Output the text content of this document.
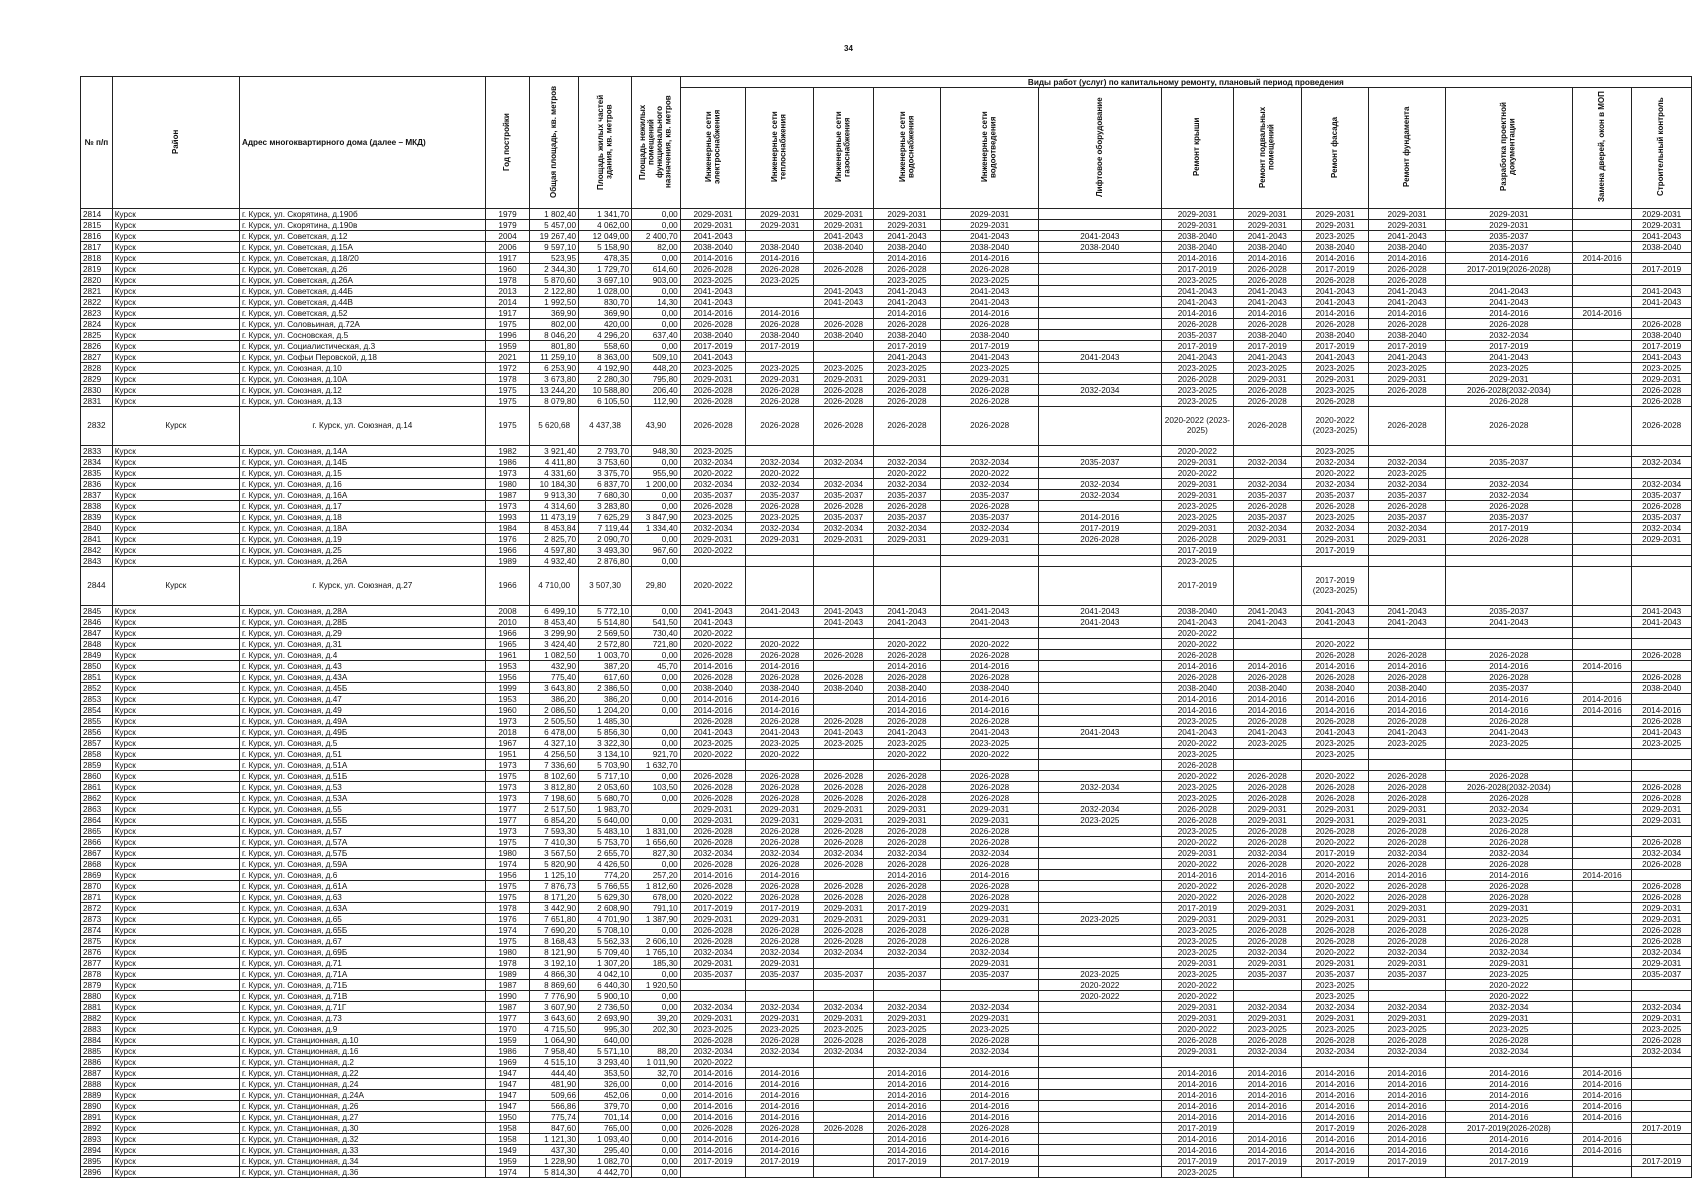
34
№ п/п	Район	Адрес многоквартирного дома (далее – МКД)	Год постройки	Общая площадь, кв. метров	Площадь жилых частей здания, кв. метров	Площадь нежилых помещений функционального назначения, кв. метров	Виды работ (услуг) по капитальному ремонту, плановый период проведения												
							Инженерные сети электроснабжения	Инженерные сети теплоснабжения	Инженерные сети газоснабжения	Инженерные сети водоснабжения	Инженерные сети водоотведения	Лифтовое оборудование	Ремонт крыши	Ремонт подвальных помещений	Ремонт фасада	Ремонт фундамента	Разработка проектной документации	Замена дверей, окон в МОП	Строительный контроль
2814	Курск	г. Курск, ул. Скорятина, д.190б	1979	1 802,40	1 341,70	0,00	2029-2031	2029-2031	2029-2031	2029-2031	2029-2031		2029-2031	2029-2031	2029-2031	2029-2031	2029-2031		2029-2031
2815	Курск	г. Курск, ул. Скорятина, д.190в	1979	5 457,00	4 062,00	0,00	2029-2031	2029-2031	2029-2031	2029-2031	2029-2031		2029-2031	2029-2031	2029-2031	2029-2031	2029-2031		2029-2031
2816	Курск	г. Курск, ул. Советская, д.12	2004	19 267,40	12 049,00	2 400,70	2041-2043		2041-2043	2041-2043	2041-2043	2041-2043	2038-2040	2041-2043	2023-2025	2041-2043	2035-2037		2041-2043
2817	Курск	г. Курск, ул. Советская, д.15А	2006	9 597,10	5 158,90	82,00	2038-2040	2038-2040	2038-2040	2038-2040	2038-2040	2038-2040	2038-2040	2038-2040	2038-2040	2038-2040	2035-2037		2038-2040
2818	Курск	г. Курск, ул. Советская, д.18/20	1917	523,95	478,35	0,00	2014-2016	2014-2016		2014-2016	2014-2016		2014-2016	2014-2016	2014-2016	2014-2016	2014-2016	2014-2016	
2819	Курск	г. Курск, ул. Советская, д.26	1960	2 344,30	1 729,70	614,60	2026-2028	2026-2028	2026-2028	2026-2028	2026-2028		2017-2019	2026-2028	2017-2019	2026-2028	2017-2019(2026-2028)		2017-2019
2820	Курск	г. Курск, ул. Советская, д.26А	1978	5 870,60	3 697,10	903,00	2023-2025	2023-2025		2023-2025	2023-2025		2023-2025	2026-2028	2026-2028	2026-2028			
2821	Курск	г. Курск, ул. Советская, д.44Б	2013	2 122,80	1 028,00	0,00	2041-2043		2041-2043	2041-2043	2041-2043		2041-2043	2041-2043	2041-2043	2041-2043	2041-2043		2041-2043
2822	Курск	г. Курск, ул. Советская, д.44В	2014	1 992,50	830,70	14,30	2041-2043		2041-2043	2041-2043	2041-2043		2041-2043	2041-2043	2041-2043	2041-2043	2041-2043		2041-2043
2823	Курск	г. Курск, ул. Советская, д.52	1917	369,90	369,90	0,00	2014-2016	2014-2016		2014-2016	2014-2016		2014-2016	2014-2016	2014-2016	2014-2016	2014-2016	2014-2016	
2824	Курск	г. Курск, ул. Соловьиная, д.72А	1975	802,00	420,00	0,00	2026-2028	2026-2028	2026-2028	2026-2028	2026-2028		2026-2028	2026-2028	2026-2028	2026-2028	2026-2028		2026-2028
2825	Курск	г. Курск, ул. Сосновская, д.5	1996	8 046,20	4 296,20	637,40	2038-2040	2038-2040	2038-2040	2038-2040	2038-2040		2035-2037	2038-2040	2038-2040	2038-2040	2032-2034		2038-2040
2826	Курск	г. Курск, ул. Социалистическая, д.3	1959	801,80	558,60	0,00	2017-2019	2017-2019		2017-2019	2017-2019		2017-2019	2017-2019	2017-2019	2017-2019	2017-2019		2017-2019
2827	Курск	г. Курск, ул. Софьи Перовской, д.18	2021	11 259,10	8 363,00	509,10	2041-2043			2041-2043	2041-2043	2041-2043	2041-2043	2041-2043	2041-2043	2041-2043	2041-2043		2041-2043
2828	Курск	г. Курск, ул. Союзная, д.10	1972	6 253,90	4 192,90	448,20	2023-2025	2023-2025	2023-2025	2023-2025	2023-2025		2023-2025	2023-2025	2023-2025	2023-2025	2023-2025		2023-2025
2829	Курск	г. Курск, ул. Союзная, д.10А	1978	3 673,80	2 280,30	795,80	2029-2031	2029-2031	2029-2031	2029-2031	2029-2031		2026-2028	2029-2031	2029-2031	2029-2031	2029-2031		2029-2031
2830	Курск	г. Курск, ул. Союзная, д.12	1975	13 244,20	10 588,80	206,40	2026-2028	2026-2028	2026-2028	2026-2028	2026-2028	2032-2034	2023-2025	2026-2028	2023-2025	2026-2028	2026-2028(2032-2034)		2026-2028
2831	Курск	г. Курск, ул. Союзная, д.13	1975	8 079,80	6 105,50	112,90	2026-2028	2026-2028	2026-2028	2026-2028	2026-2028		2023-2025	2026-2028	2026-2028		2026-2028		2026-2028
2832	Курск	г. Курск, ул. Союзная, д.14	1975	5 620,68	4 437,38	43,90	2026-2028	2026-2028	2026-2028	2026-2028	2026-2028		2020-2022 (2023-2025)	2026-2028	2020-2022 (2023-2025)	2026-2028	2026-2028		2026-2028
2833	Курск	г. Курск, ул. Союзная, д.14А	1982	3 921,40	2 793,70	948,30	2023-2025						2020-2022		2023-2025				
2834	Курск	г. Курск, ул. Союзная, д.14Б	1986	4 411,80	3 753,60	0,00	2032-2034	2032-2034	2032-2034	2032-2034	2032-2034	2035-2037	2029-2031	2032-2034	2032-2034	2032-2034	2035-2037		2032-2034
2835	Курск	г. Курск, ул. Союзная, д.15	1973	4 331,60	3 375,70	955,90	2020-2022	2020-2022		2020-2022	2020-2022		2020-2022		2020-2022	2023-2025			
2836	Курск	г. Курск, ул. Союзная, д.16	1980	10 184,30	6 837,70	1 200,00	2032-2034	2032-2034	2032-2034	2032-2034	2032-2034	2032-2034	2029-2031	2032-2034	2032-2034	2032-2034	2032-2034		2032-2034
2837	Курск	г. Курск, ул. Союзная, д.16А	1987	9 913,30	7 680,30	0,00	2035-2037	2035-2037	2035-2037	2035-2037	2035-2037	2032-2034	2029-2031	2035-2037	2035-2037	2035-2037	2032-2034		2035-2037
2838	Курск	г. Курск, ул. Союзная, д.17	1973	4 314,60	3 283,80	0,00	2026-2028	2026-2028	2026-2028	2026-2028	2026-2028		2023-2025	2026-2028	2026-2028	2026-2028	2026-2028		2026-2028
2839	Курск	г. Курск, ул. Союзная, д.18	1993	11 473,19	7 625,29	3 847,90	2023-2025	2023-2025	2035-2037	2035-2037	2035-2037	2014-2016	2023-2025	2035-2037	2023-2025	2035-2037	2035-2037		2035-2037
2840	Курск	г. Курск, ул. Союзная, д.18А	1984	8 453,84	7 119,44	1 334,40	2032-2034	2032-2034	2032-2034	2032-2034	2032-2034	2017-2019	2029-2031	2032-2034	2032-2034	2032-2034	2017-2019		2032-2034
2841	Курск	г. Курск, ул. Союзная, д.19	1976	2 825,70	2 090,70	0,00	2029-2031	2029-2031	2029-2031	2029-2031	2029-2031	2026-2028	2026-2028	2029-2031	2029-2031	2029-2031	2026-2028		2029-2031
2842	Курск	г. Курск, ул. Союзная, д.25	1966	4 597,80	3 493,30	967,60	2020-2022						2017-2019		2017-2019				
2843	Курск	г. Курск, ул. Союзная, д.26А	1989	4 932,40	2 876,80	0,00							2023-2025						
2844	Курск	г. Курск, ул. Союзная, д.27	1966	4 710,00	3 507,30	29,80	2020-2022						2017-2019		2017-2019 (2023-2025)				
2845	Курск	г. Курск, ул. Союзная, д.28А	2008	6 499,10	5 772,10	0,00	2041-2043	2041-2043	2041-2043	2041-2043	2041-2043	2041-2043	2038-2040	2041-2043	2041-2043	2041-2043	2035-2037		2041-2043
2846	Курск	г. Курск, ул. Союзная, д.28Б	2010	8 453,40	5 514,80	541,50	2041-2043		2041-2043	2041-2043	2041-2043	2041-2043	2041-2043	2041-2043	2041-2043	2041-2043	2041-2043		2041-2043
2847	Курск	г. Курск, ул. Союзная, д.29	1966	3 299,90	2 569,50	730,40	2020-2022						2020-2022						
2848	Курск	г. Курск, ул. Союзная, д.31	1965	3 424,40	2 572,80	721,80	2020-2022	2020-2022		2020-2022	2020-2022		2020-2022		2020-2022				
2849	Курск	г. Курск, ул. Союзная, д.4	1961	1 082,50	1 003,70	0,00	2026-2028	2026-2028	2026-2028	2026-2028	2026-2028		2026-2028		2026-2028	2026-2028	2026-2028		2026-2028
2850	Курск	г. Курск, ул. Союзная, д.43	1953	432,90	387,20	45,70	2014-2016	2014-2016		2014-2016	2014-2016		2014-2016	2014-2016	2014-2016	2014-2016	2014-2016	2014-2016	
2851	Курск	г. Курск, ул. Союзная, д.43А	1956	775,40	617,60	0,00	2026-2028	2026-2028	2026-2028	2026-2028	2026-2028		2026-2028	2026-2028	2026-2028	2026-2028	2026-2028		2026-2028
2852	Курск	г. Курск, ул. Союзная, д.45Б	1999	3 643,80	2 386,50	0,00	2038-2040	2038-2040	2038-2040	2038-2040	2038-2040		2038-2040	2038-2040	2038-2040	2038-2040	2035-2037		2038-2040
2853	Курск	г. Курск, ул. Союзная, д.47	1953	386,20	386,20	0,00	2014-2016	2014-2016		2014-2016	2014-2016		2014-2016	2014-2016	2014-2016	2014-2016	2014-2016	2014-2016	
2854	Курск	г. Курск, ул. Союзная, д.49	1960	2 086,50	1 204,20	0,00	2014-2016	2014-2016		2014-2016	2014-2016		2014-2016	2014-2016	2014-2016	2014-2016	2014-2016	2014-2016	2014-2016
2855	Курск	г. Курск, ул. Союзная, д.49А	1973	2 505,50	1 485,30		2026-2028	2026-2028	2026-2028	2026-2028	2026-2028		2023-2025	2026-2028	2026-2028	2026-2028	2026-2028		2026-2028
2856	Курск	г. Курск, ул. Союзная, д.49Б	2018	6 478,00	5 856,30	0,00	2041-2043	2041-2043	2041-2043	2041-2043	2041-2043	2041-2043	2041-2043	2041-2043	2041-2043	2041-2043	2041-2043		2041-2043
2857	Курск	г. Курск, ул. Союзная, д.5	1967	4 327,10	3 322,30	0,00	2023-2025	2023-2025	2023-2025	2023-2025	2023-2025		2020-2022	2023-2025	2023-2025	2023-2025	2023-2025		2023-2025
2858	Курск	г. Курск, ул. Союзная, д.51	1951	4 256,50	3 134,10	921,70	2020-2022	2020-2022		2020-2022	2020-2022		2023-2025		2023-2025				
2859	Курск	г. Курск, ул. Союзная, д.51А	1973	7 336,60	5 703,90	1 632,70							2026-2028						
2860	Курск	г. Курск, ул. Союзная, д.51Б	1975	8 102,60	5 717,10	0,00	2026-2028	2026-2028	2026-2028	2026-2028	2026-2028		2020-2022	2026-2028	2020-2022	2026-2028	2026-2028		
2861	Курск	г. Курск, ул. Союзная, д.53	1973	3 812,80	2 053,60	103,50	2026-2028	2026-2028	2026-2028	2026-2028	2026-2028	2032-2034	2023-2025	2026-2028	2026-2028	2026-2028	2026-2028(2032-2034)		2026-2028
2862	Курск	г. Курск, ул. Союзная, д.53А	1973	7 198,60	5 680,70	0,00	2026-2028	2026-2028	2026-2028	2026-2028	2026-2028		2023-2025	2026-2028	2026-2028	2026-2028	2026-2028		2026-2028
2863	Курск	г. Курск, ул. Союзная, д.55	1977	2 517,50	1 983,70		2029-2031	2029-2031	2029-2031	2029-2031	2029-2031	2032-2034	2026-2028	2029-2031	2029-2031	2029-2031	2032-2034		2029-2031
2864	Курск	г. Курск, ул. Союзная, д.55Б	1977	6 854,20	5 640,00	0,00	2029-2031	2029-2031	2029-2031	2029-2031	2029-2031	2023-2025	2026-2028	2029-2031	2029-2031	2029-2031	2023-2025		2029-2031
2865	Курск	г. Курск, ул. Союзная, д.57	1973	7 593,30	5 483,10	1 831,00	2026-2028	2026-2028	2026-2028	2026-2028	2026-2028		2023-2025	2026-2028	2026-2028	2026-2028	2026-2028		
2866	Курск	г. Курск, ул. Союзная, д.57А	1975	7 410,30	5 753,70	1 656,60	2026-2028	2026-2028	2026-2028	2026-2028	2026-2028		2020-2022	2026-2028	2020-2022	2026-2028	2026-2028		2026-2028
2867	Курск	г. Курск, ул. Союзная, д.57Б	1980	3 567,50	2 655,70	827,30	2032-2034	2032-2034	2032-2034	2032-2034	2032-2034		2029-2031	2032-2034	2017-2019	2032-2034	2032-2034		2032-2034
2868	Курск	г. Курск, ул. Союзная, д.59А	1974	5 820,90	4 426,50	0,00	2026-2028	2026-2028	2026-2028	2026-2028	2026-2028		2020-2022	2026-2028	2020-2022	2026-2028	2026-2028		2026-2028
2869	Курск	г. Курск, ул. Союзная, д.6	1956	1 125,10	774,20	257,20	2014-2016	2014-2016		2014-2016	2014-2016		2014-2016	2014-2016	2014-2016	2014-2016	2014-2016	2014-2016	
2870	Курск	г. Курск, ул. Союзная, д.61А	1975	7 876,73	5 766,55	1 812,60	2026-2028	2026-2028	2026-2028	2026-2028	2026-2028		2020-2022	2026-2028	2020-2022	2026-2028	2026-2028		2026-2028
2871	Курск	г. Курск, ул. Союзная, д.63	1975	8 171,20	5 629,30	678,00	2020-2022	2026-2028	2026-2028	2026-2028	2026-2028		2020-2022	2026-2028	2020-2022	2026-2028	2026-2028		2026-2028
2872	Курск	г. Курск, ул. Союзная, д.63А	1978	3 442,90	2 608,90	791,10	2017-2019	2017-2019	2029-2031	2017-2019	2029-2031		2017-2019	2029-2031	2029-2031	2029-2031	2029-2031		2029-2031
2873	Курск	г. Курск, ул. Союзная, д.65	1976	7 651,80	4 701,90	1 387,90	2029-2031	2029-2031	2029-2031	2029-2031	2029-2031	2023-2025	2029-2031	2029-2031	2029-2031	2029-2031	2023-2025		2029-2031
2874	Курск	г. Курск, ул. Союзная, д.65Б	1974	7 690,20	5 708,10	0,00	2026-2028	2026-2028	2026-2028	2026-2028	2026-2028		2023-2025	2026-2028	2026-2028	2026-2028	2026-2028		2026-2028
2875	Курск	г. Курск, ул. Союзная, д.67	1975	8 168,43	5 562,33	2 606,10	2026-2028	2026-2028	2026-2028	2026-2028	2026-2028		2023-2025	2026-2028	2026-2028	2026-2028	2026-2028		2026-2028
2876	Курск	г. Курск, ул. Союзная, д.69Б	1980	8 121,90	5 709,40	1 765,10	2032-2034	2032-2034	2032-2034	2032-2034	2032-2034		2023-2025	2032-2034	2020-2022	2032-2034	2032-2034		2032-2034
2877	Курск	г. Курск, ул. Союзная, д.71	1978	3 192,10	1 307,20	185,30	2029-2031	2029-2031			2029-2031		2029-2031	2029-2031	2029-2031	2029-2031	2029-2031		2029-2031
2878	Курск	г. Курск, ул. Союзная, д.71А	1989	4 866,30	4 042,10	0,00	2035-2037	2035-2037	2035-2037	2035-2037	2035-2037	2023-2025	2023-2025	2035-2037	2035-2037	2035-2037	2023-2025		2035-2037
2879	Курск	г. Курск, ул. Союзная, д.71Б	1987	8 869,60	6 440,30	1 920,50						2020-2022	2020-2022		2023-2025		2020-2022		
2880	Курск	г. Курск, ул. Союзная, д.71В	1990	7 776,90	5 900,10	0,00						2020-2022	2020-2022		2023-2025		2020-2022		
2881	Курск	г. Курск, ул. Союзная, д.71Г	1987	3 607,90	2 736,50	0,00	2032-2034	2032-2034	2032-2034	2032-2034	2032-2034		2029-2031	2032-2034	2032-2034	2032-2034	2032-2034		2032-2034
2882	Курск	г. Курск, ул. Союзная, д.73	1977	3 643,60	2 693,90	39,20	2029-2031	2029-2031	2029-2031	2029-2031	2029-2031		2029-2031	2029-2031	2029-2031	2029-2031	2029-2031		2029-2031
2883	Курск	г. Курск, ул. Союзная, д.9	1970	4 715,50	995,30	202,30	2023-2025	2023-2025	2023-2025	2023-2025	2023-2025		2020-2022	2023-2025	2023-2025	2023-2025	2023-2025		2023-2025
2884	Курск	г. Курск, ул. Станционная, д.10	1959	1 064,90	640,00		2026-2028	2026-2028	2026-2028	2026-2028	2026-2028		2026-2028	2026-2028	2026-2028	2026-2028	2026-2028		2026-2028
2885	Курск	г. Курск, ул. Станционная, д.16	1986	7 958,40	5 571,10	88,20	2032-2034	2032-2034	2032-2034	2032-2034	2032-2034		2029-2031	2032-2034	2032-2034	2032-2034	2032-2034		2032-2034
2886	Курск	г. Курск, ул. Станционная, д.2	1969	4 515,10	3 293,40	1 011,90	2020-2022												
2887	Курск	г. Курск, ул. Станционная, д.22	1947	444,40	353,50	32,70	2014-2016	2014-2016		2014-2016	2014-2016		2014-2016	2014-2016	2014-2016	2014-2016	2014-2016	2014-2016	
2888	Курск	г. Курск, ул. Станционная, д.24	1947	481,90	326,00	0,00	2014-2016	2014-2016		2014-2016	2014-2016		2014-2016	2014-2016	2014-2016	2014-2016	2014-2016	2014-2016	
2889	Курск	г. Курск, ул. Станционная, д.24А	1947	509,66	452,06	0,00	2014-2016	2014-2016		2014-2016	2014-2016		2014-2016	2014-2016	2014-2016	2014-2016	2014-2016	2014-2016	
2890	Курск	г. Курск, ул. Станционная, д.26	1947	566,86	379,70	0,00	2014-2016	2014-2016		2014-2016	2014-2016		2014-2016	2014-2016	2014-2016	2014-2016	2014-2016	2014-2016	
2891	Курск	г. Курск, ул. Станционная, д.27	1950	775,74	701,14	0,00	2014-2016	2014-2016		2014-2016	2014-2016		2014-2016	2014-2016	2014-2016	2014-2016	2014-2016	2014-2016	
2892	Курск	г. Курск, ул. Станционная, д.30	1958	847,60	765,00	0,00	2026-2028	2026-2028	2026-2028	2026-2028	2026-2028		2017-2019		2017-2019	2026-2028	2017-2019(2026-2028)		2017-2019
2893	Курск	г. Курск, ул. Станционная, д.32	1958	1 121,30	1 093,40	0,00	2014-2016	2014-2016		2014-2016	2014-2016		2014-2016	2014-2016	2014-2016	2014-2016	2014-2016	2014-2016	
2894	Курск	г. Курск, ул. Станционная, д.33	1949	437,30	295,40	0,00	2014-2016	2014-2016		2014-2016	2014-2016		2014-2016	2014-2016	2014-2016	2014-2016	2014-2016	2014-2016	
2895	Курск	г. Курск, ул. Станционная, д.34	1959	1 228,90	1 082,70	0,00	2017-2019	2017-2019		2017-2019	2017-2019		2017-2019	2017-2019	2017-2019	2017-2019	2017-2019		2017-2019
2896	Курск	г. Курск, ул. Станционная, д.36	1974	5 814,30	4 442,70	0,00							2023-2025						
